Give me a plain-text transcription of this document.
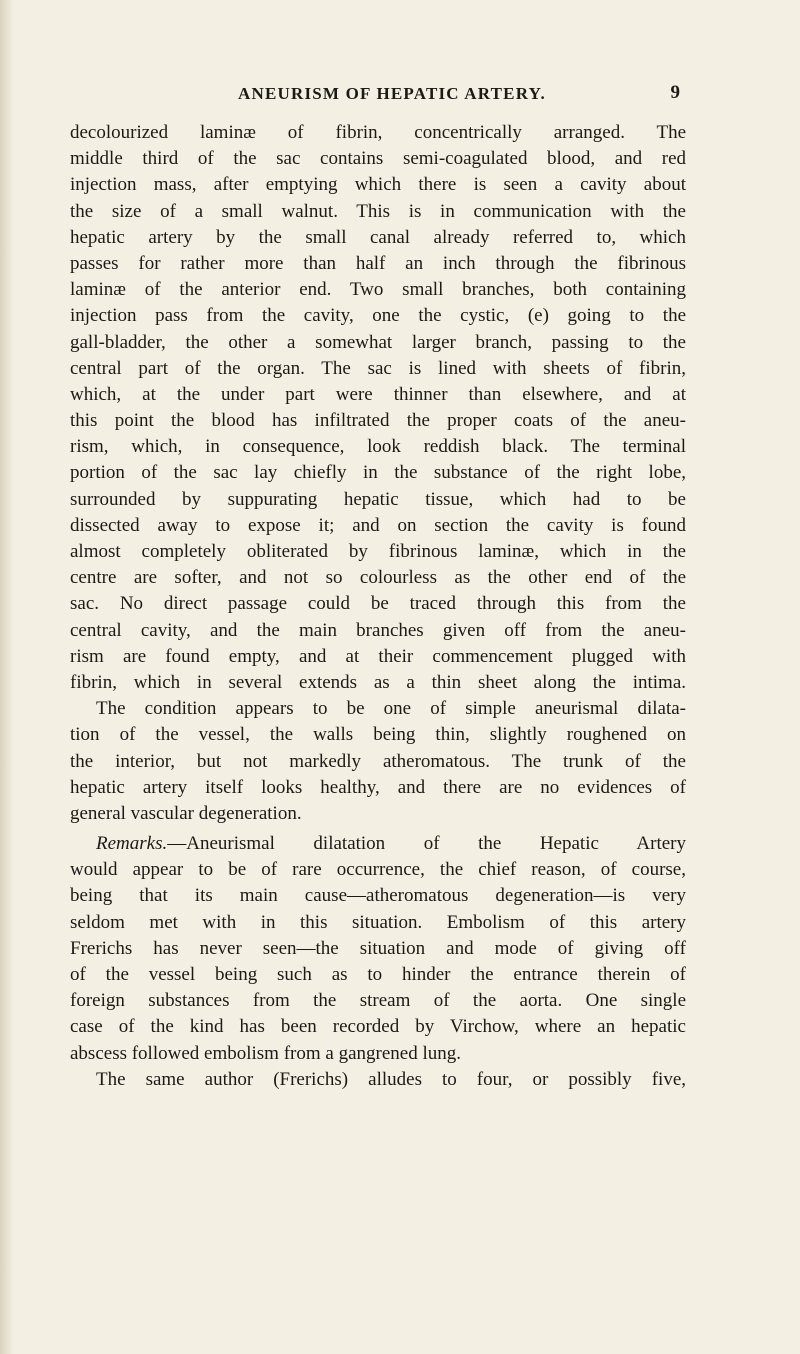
ANEURISM OF HEPATIC ARTERY.	9
decolourized laminæ of fibrin, concentrically arranged. The
middle third of the sac contains semi-coagulated blood, and red
injection mass, after emptying which there is seen a cavity about
the size of a small walnut. This is in communication with the
hepatic artery by the small canal already referred to, which
passes for rather more than half an inch through the fibrinous
laminæ of the anterior end. Two small branches, both containing
injection pass from the cavity, one the cystic, (e) going to the
gall-bladder, the other a somewhat larger branch, passing to the
central part of the organ. The sac is lined with sheets of fibrin,
which, at the under part were thinner than elsewhere, and at
this point the blood has infiltrated the proper coats of the aneu-
rism, which, in consequence, look reddish black. The terminal
portion of the sac lay chiefly in the substance of the right lobe,
surrounded by suppurating hepatic tissue, which had to be
dissected away to expose it; and on section the cavity is found
almost completely obliterated by fibrinous laminæ, which in the
centre are softer, and not so colourless as the other end of the
sac. No direct passage could be traced through this from the
central cavity, and the main branches given off from the aneu-
rism are found empty, and at their commencement plugged with
fibrin, which in several extends as a thin sheet along the intima.
The condition appears to be one of simple aneurismal dilata-
tion of the vessel, the walls being thin, slightly roughened on
the interior, but not markedly atheromatous. The trunk of the
hepatic artery itself looks healthy, and there are no evidences of
general vascular degeneration.
Remarks.—Aneurismal dilatation of the Hepatic Artery
would appear to be of rare occurrence, the chief reason, of course,
being that its main cause—atheromatous degeneration—is very
seldom met with in this situation. Embolism of this artery
Frerichs has never seen—the situation and mode of giving off
of the vessel being such as to hinder the entrance therein of
foreign substances from the stream of the aorta. One single
case of the kind has been recorded by Virchow, where an hepatic
abscess followed embolism from a gangrened lung.
The same author (Frerichs) alludes to four, or possibly five,
